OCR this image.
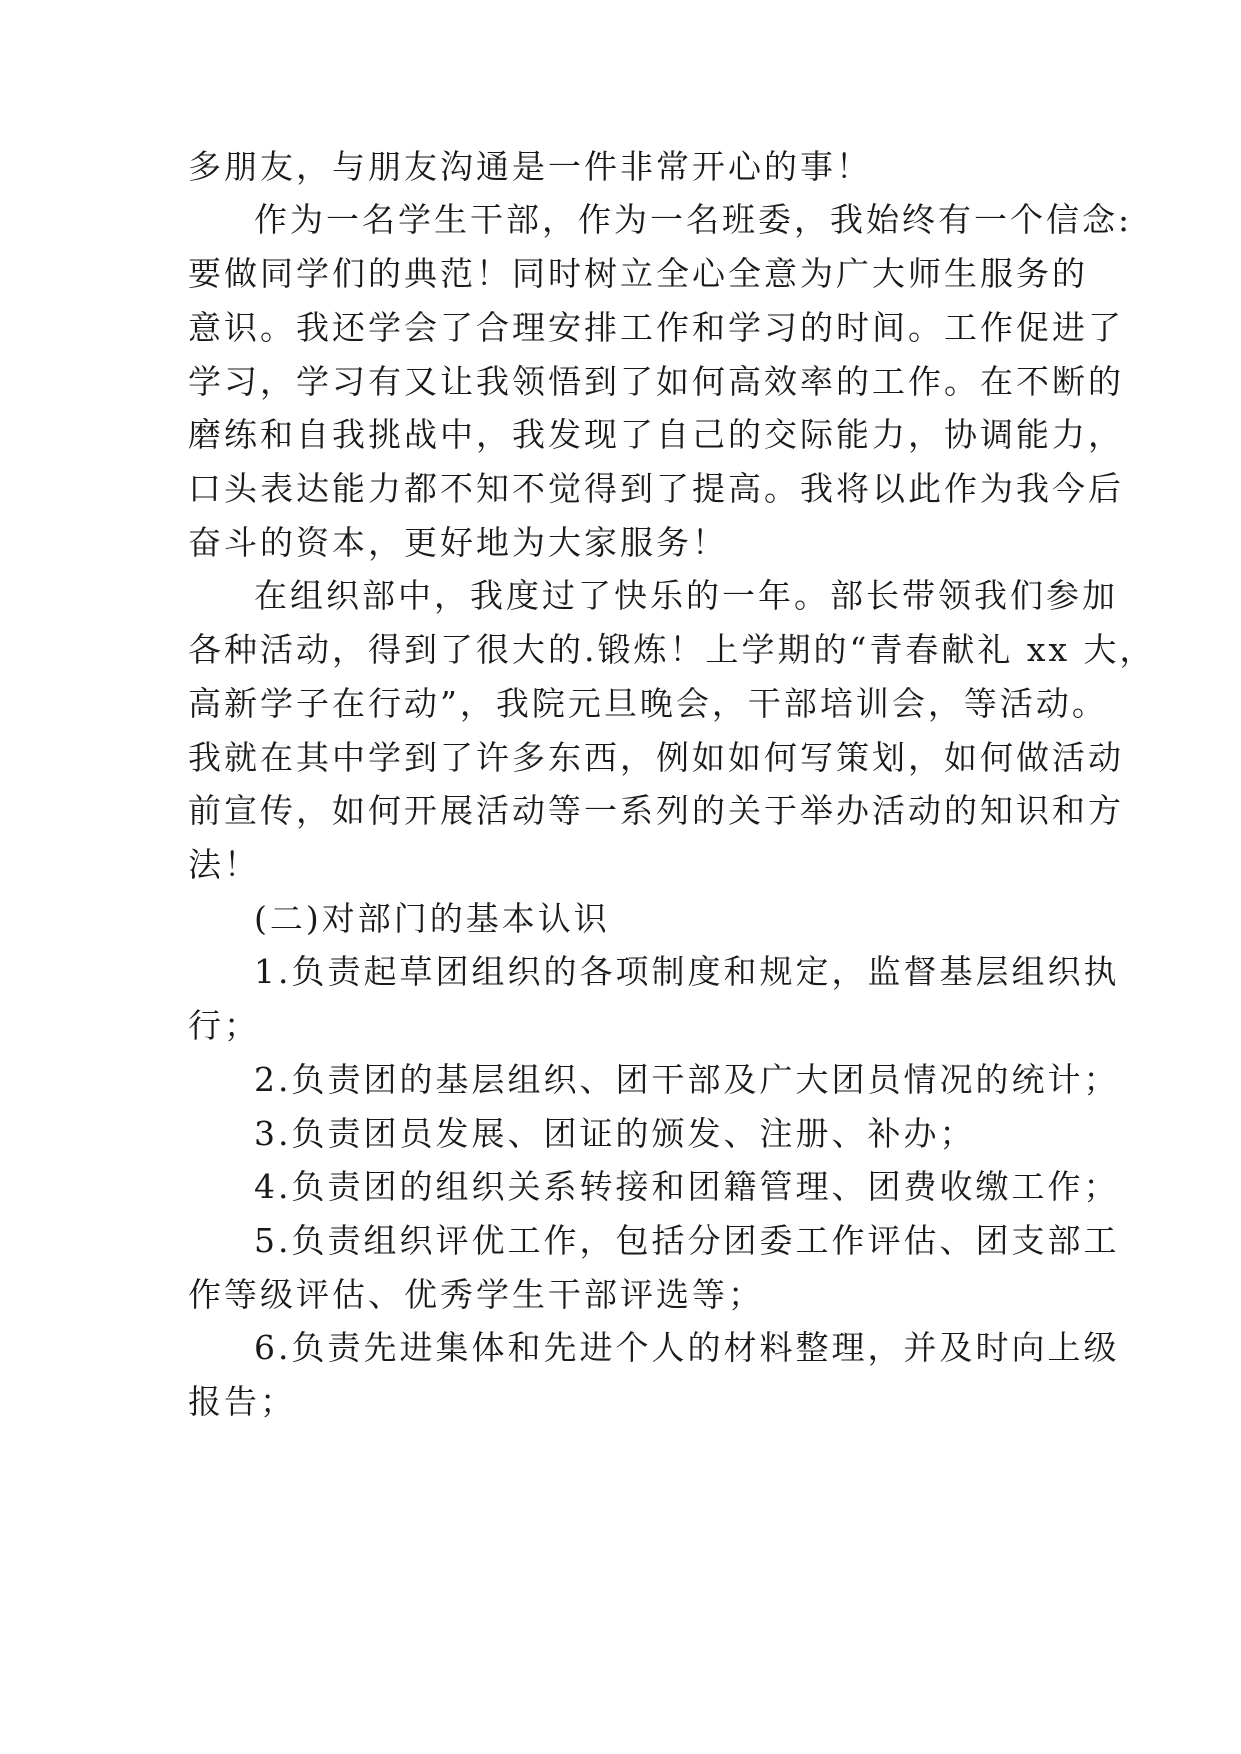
多朋友，与朋友沟通是一件非常开心的事！
作为一名学生干部，作为一名班委，我始终有一个信念:
要做同学们的典范！同时树立全心全意为广大师生服务的
意识。我还学会了合理安排工作和学习的时间。工作促进了
学习，学习有又让我领悟到了如何高效率的工作。在不断的
磨练和自我挑战中，我发现了自己的交际能力，协调能力，
口头表达能力都不知不觉得到了提高。我将以此作为我今后
奋斗的资本，更好地为大家服务！
在组织部中，我度过了快乐的一年。部长带领我们参加
各种活动，得到了很大的.锻炼！上学期的“青春献礼 xx 大，
高新学子在行动”，我院元旦晚会，干部培训会，等活动。
我就在其中学到了许多东西，例如如何写策划，如何做活动
前宣传，如何开展活动等一系列的关于举办活动的知识和方
法！
(二)对部门的基本认识
1.负责起草团组织的各项制度和规定，监督基层组织执
行；
2.负责团的基层组织、团干部及广大团员情况的统计；
3.负责团员发展、团证的颁发、注册、补办；
4.负责团的组织关系转接和团籍管理、团费收缴工作；
5.负责组织评优工作，包括分团委工作评估、团支部工
作等级评估、优秀学生干部评选等；
6.负责先进集体和先进个人的材料整理，并及时向上级
报告；
